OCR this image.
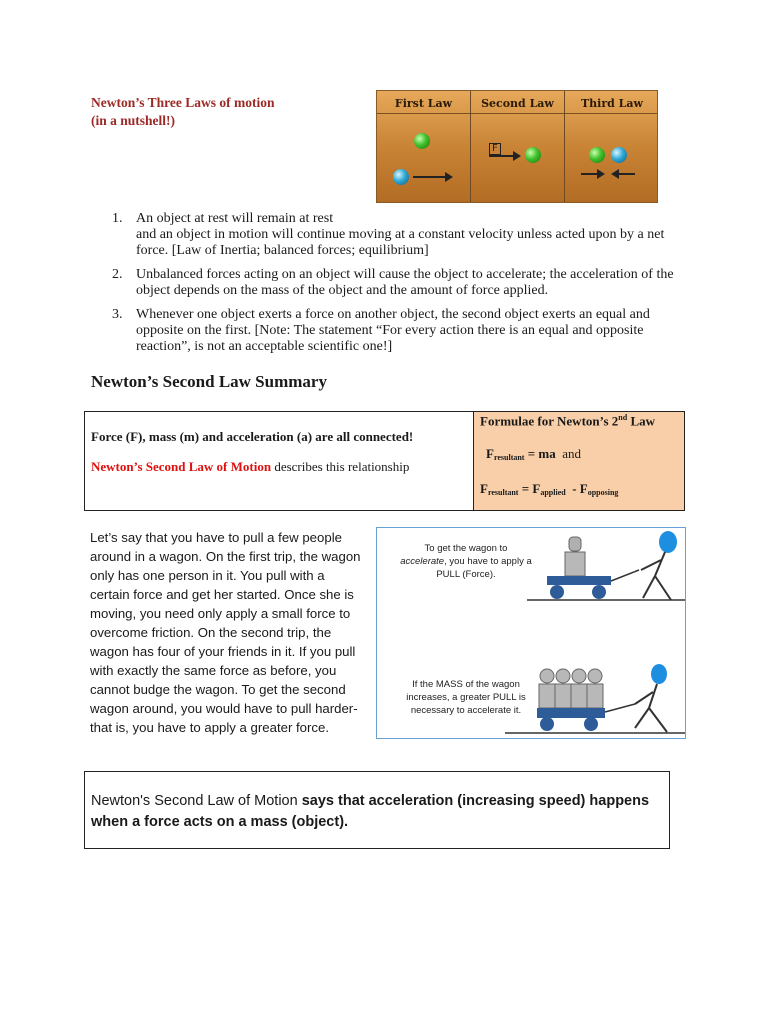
Newton’s Three Laws of motion
(in a nutshell!)
First Law	Second Law
F
Third Law
1. An object at rest will remain at rest
and an object in motion will continue moving at a constant velocity unless acted upon by a net force. [Law of Inertia; balanced forces; equilibrium]
2. Unbalanced forces acting on an object will cause the object to accelerate; the acceleration of the object depends on the mass of the object and the amount of force applied.
3. Whenever one object exerts a force on another object, the second object exerts an equal and opposite on the first. [Note: The statement “For every action there is an equal and opposite reaction”, is not an acceptable scientific one!]
Newton’s Second Law Summary
Force (F), mass (m) and acceleration (a) are all connected!
Newton’s Second Law of Motion describes this relationship
Formulae for Newton’s 2nd Law
$F_{resultant}$ = ma  and
$F_{resultant} = F_{applied} - F_{opposing}$
Let’s say that you have to pull a few people around in a wagon. On the first trip, the wagon only has one person in it. You pull with a certain force and get her started. Once she is moving, you need only apply a small force to overcome friction. On the second trip, the wagon has four of your friends in it. If you pull with exactly the same force as before, you cannot budge the wagon. To get the second wagon around, you would have to pull harder- that is, you have to apply a greater force.
To get the wagon to
accelerate, you have to apply a
PULL (Force).
If the MASS of the wagon
increases, a greater PULL is
necessary to accelerate it.
Newton's Second Law of Motion says that acceleration (increasing speed) happens when a force acts on a mass (object).
